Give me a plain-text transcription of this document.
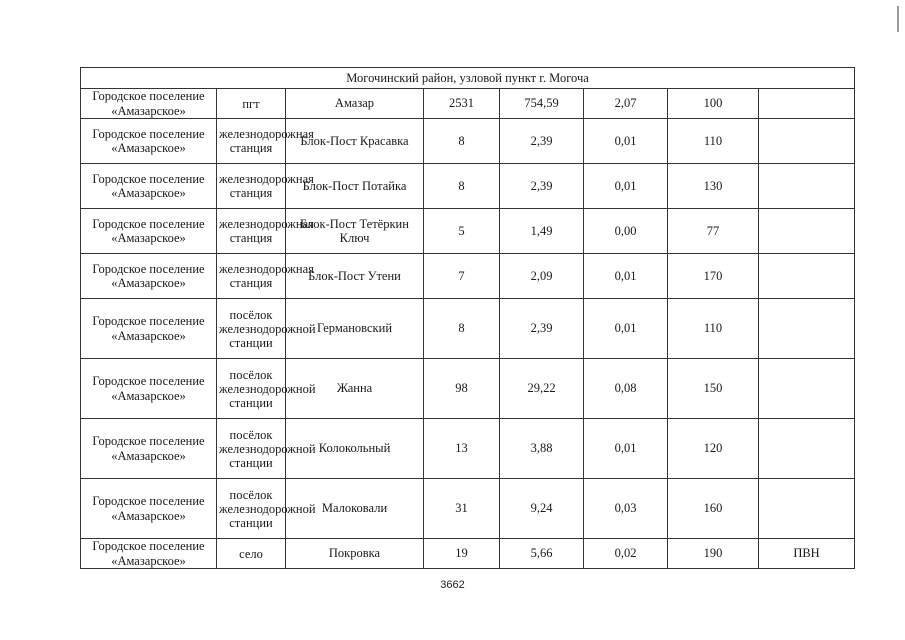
Могочинский район, узловой пункт г. Могоча							
Городское поселение «Амазарское»	пгт	Амазар	2531	754,59	2,07	100	
Городское поселение «Амазарское»	железнодорожная станция	Блок-Пост Красавка	8	2,39	0,01	110	
Городское поселение «Амазарское»	железнодорожная станция	Блок-Пост Потайка	8	2,39	0,01	130	
Городское поселение «Амазарское»	железнодорожная станция	Блок-Пост Тетёркин Ключ	5	1,49	0,00	77	
Городское поселение «Амазарское»	железнодорожная станция	Блок-Пост Утени	7	2,09	0,01	170	
Городское поселение «Амазарское»	посёлок железнодорожной станции	Германовский	8	2,39	0,01	110	
Городское поселение «Амазарское»	посёлок железнодорожной станции	Жанна	98	29,22	0,08	150	
Городское поселение «Амазарское»	посёлок железнодорожной станции	Колокольный	13	3,88	0,01	120	
Городское поселение «Амазарское»	посёлок железнодорожной станции	Малоковали	31	9,24	0,03	160	
Городское поселение «Амазарское»	село	Покровка	19	5,66	0,02	190	ПВН
3662
